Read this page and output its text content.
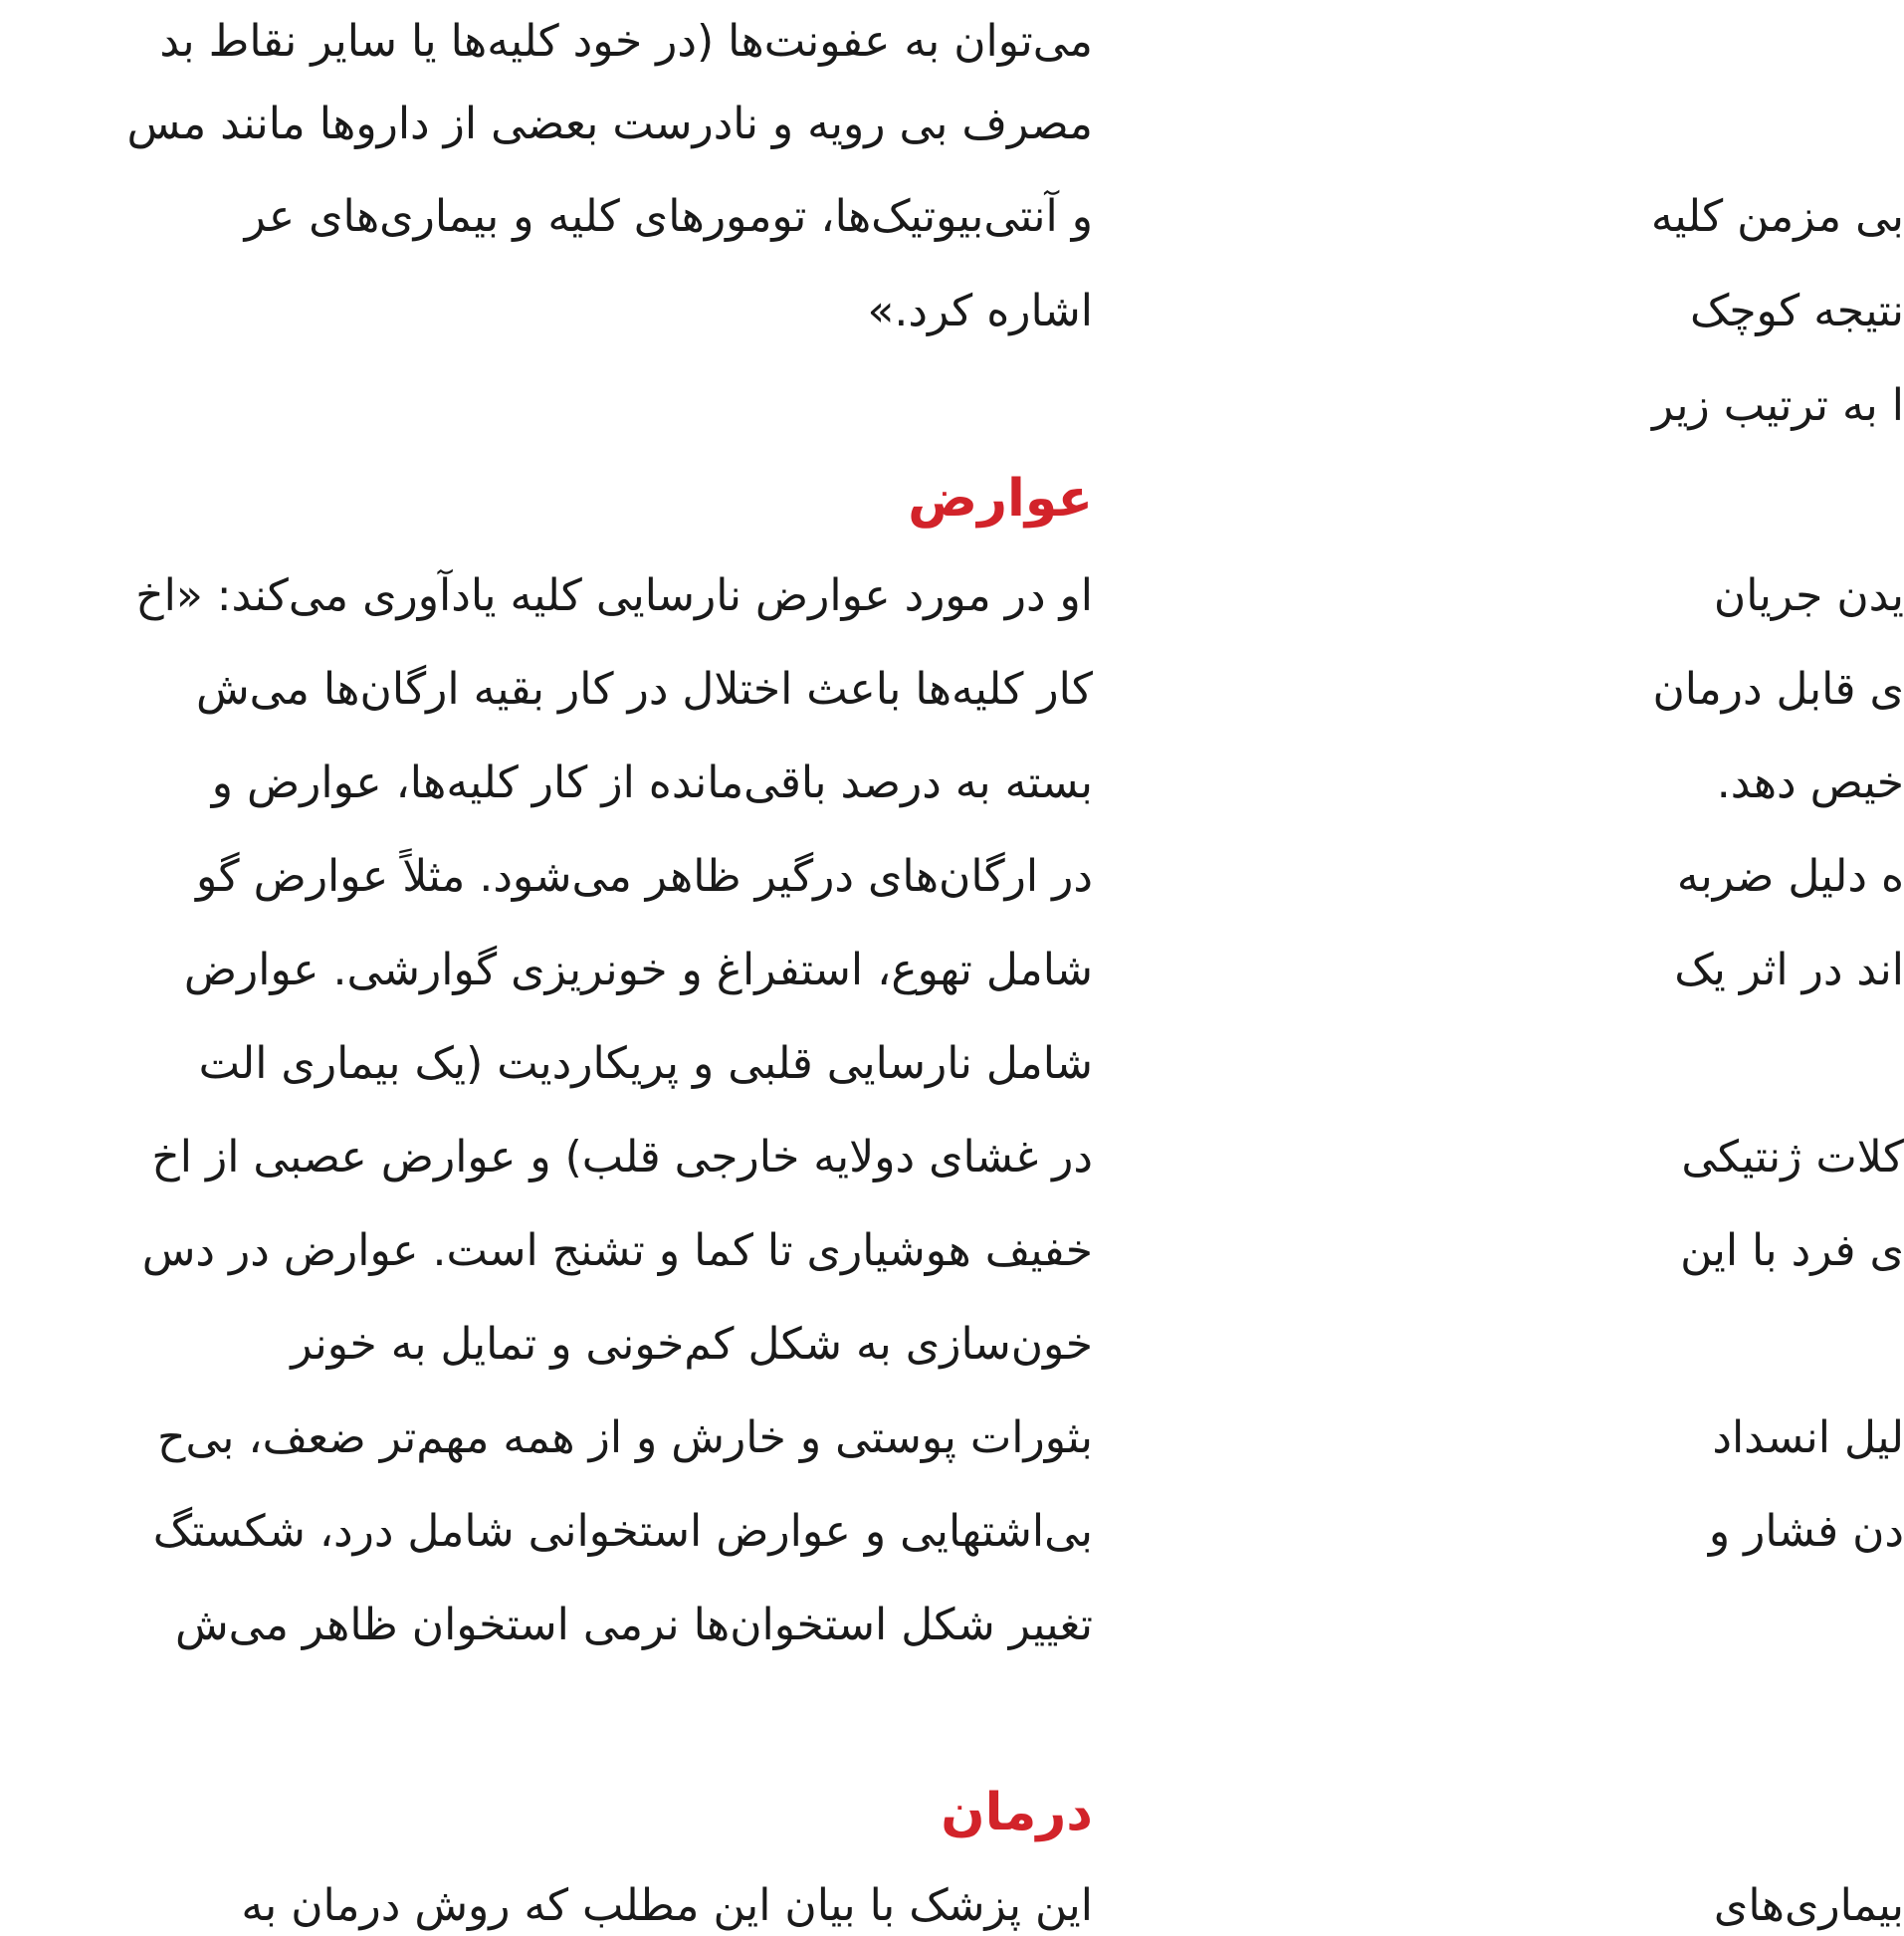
می‌توان به عفونت‌ها (در خود کلیه‌ها یا سایر نقاط بد
مصرف بی رویه و نادرست بعضی از داروها مانند مس
و آنتی‌بیوتیک‌ها، تومورهای کلیه و بیماری‌های عر
اشاره کرد.»
عوارض
او در مورد عوارض نارسایی کلیه یادآوری می‌کند: «اخ
کار کلیه‌ها باعث اختلال در کار بقیه ارگان‌ها می‌ش
بسته به درصد باقی‌مانده از کار کلیه‌ها، عوارض و
در ارگان‌های درگیر ظاهر می‌شود. مثلاً عوارض گو
شامل تهوع، استفراغ و خونریزی گوارشی. عوارض
شامل نارسایی قلبی و پریکاردیت (یک بیماری الت
در غشای دولایه خارجی قلب) و عوارض عصبی از اخ
خفیف هوشیاری تا کما و تشنج است. عوارض در دس
خون‌سازی به شکل کم‌خونی و تمایل به خونر
بثورات پوستی و خارش و از همه مهم‌تر ضعف، بی‌ح
بی‌اشتهایی و عوارض استخوانی شامل درد، شکستگ
تغییر شکل استخوان‌ها نرمی استخوان ظاهر می‌ش
درمان
این پزشک با بیان این مطلب که روش درمان به
بی مزمن کلیه
نتیجه کوچک
ا به ترتیب زیر
یدن جریان
ی قابل درمان
خیص دهد.
ه دلیل ضربه
اند در اثر یک
کلات ژنتیکی
ی فرد با این
لیل انسداد
دن فشار و
بیماری‌های
